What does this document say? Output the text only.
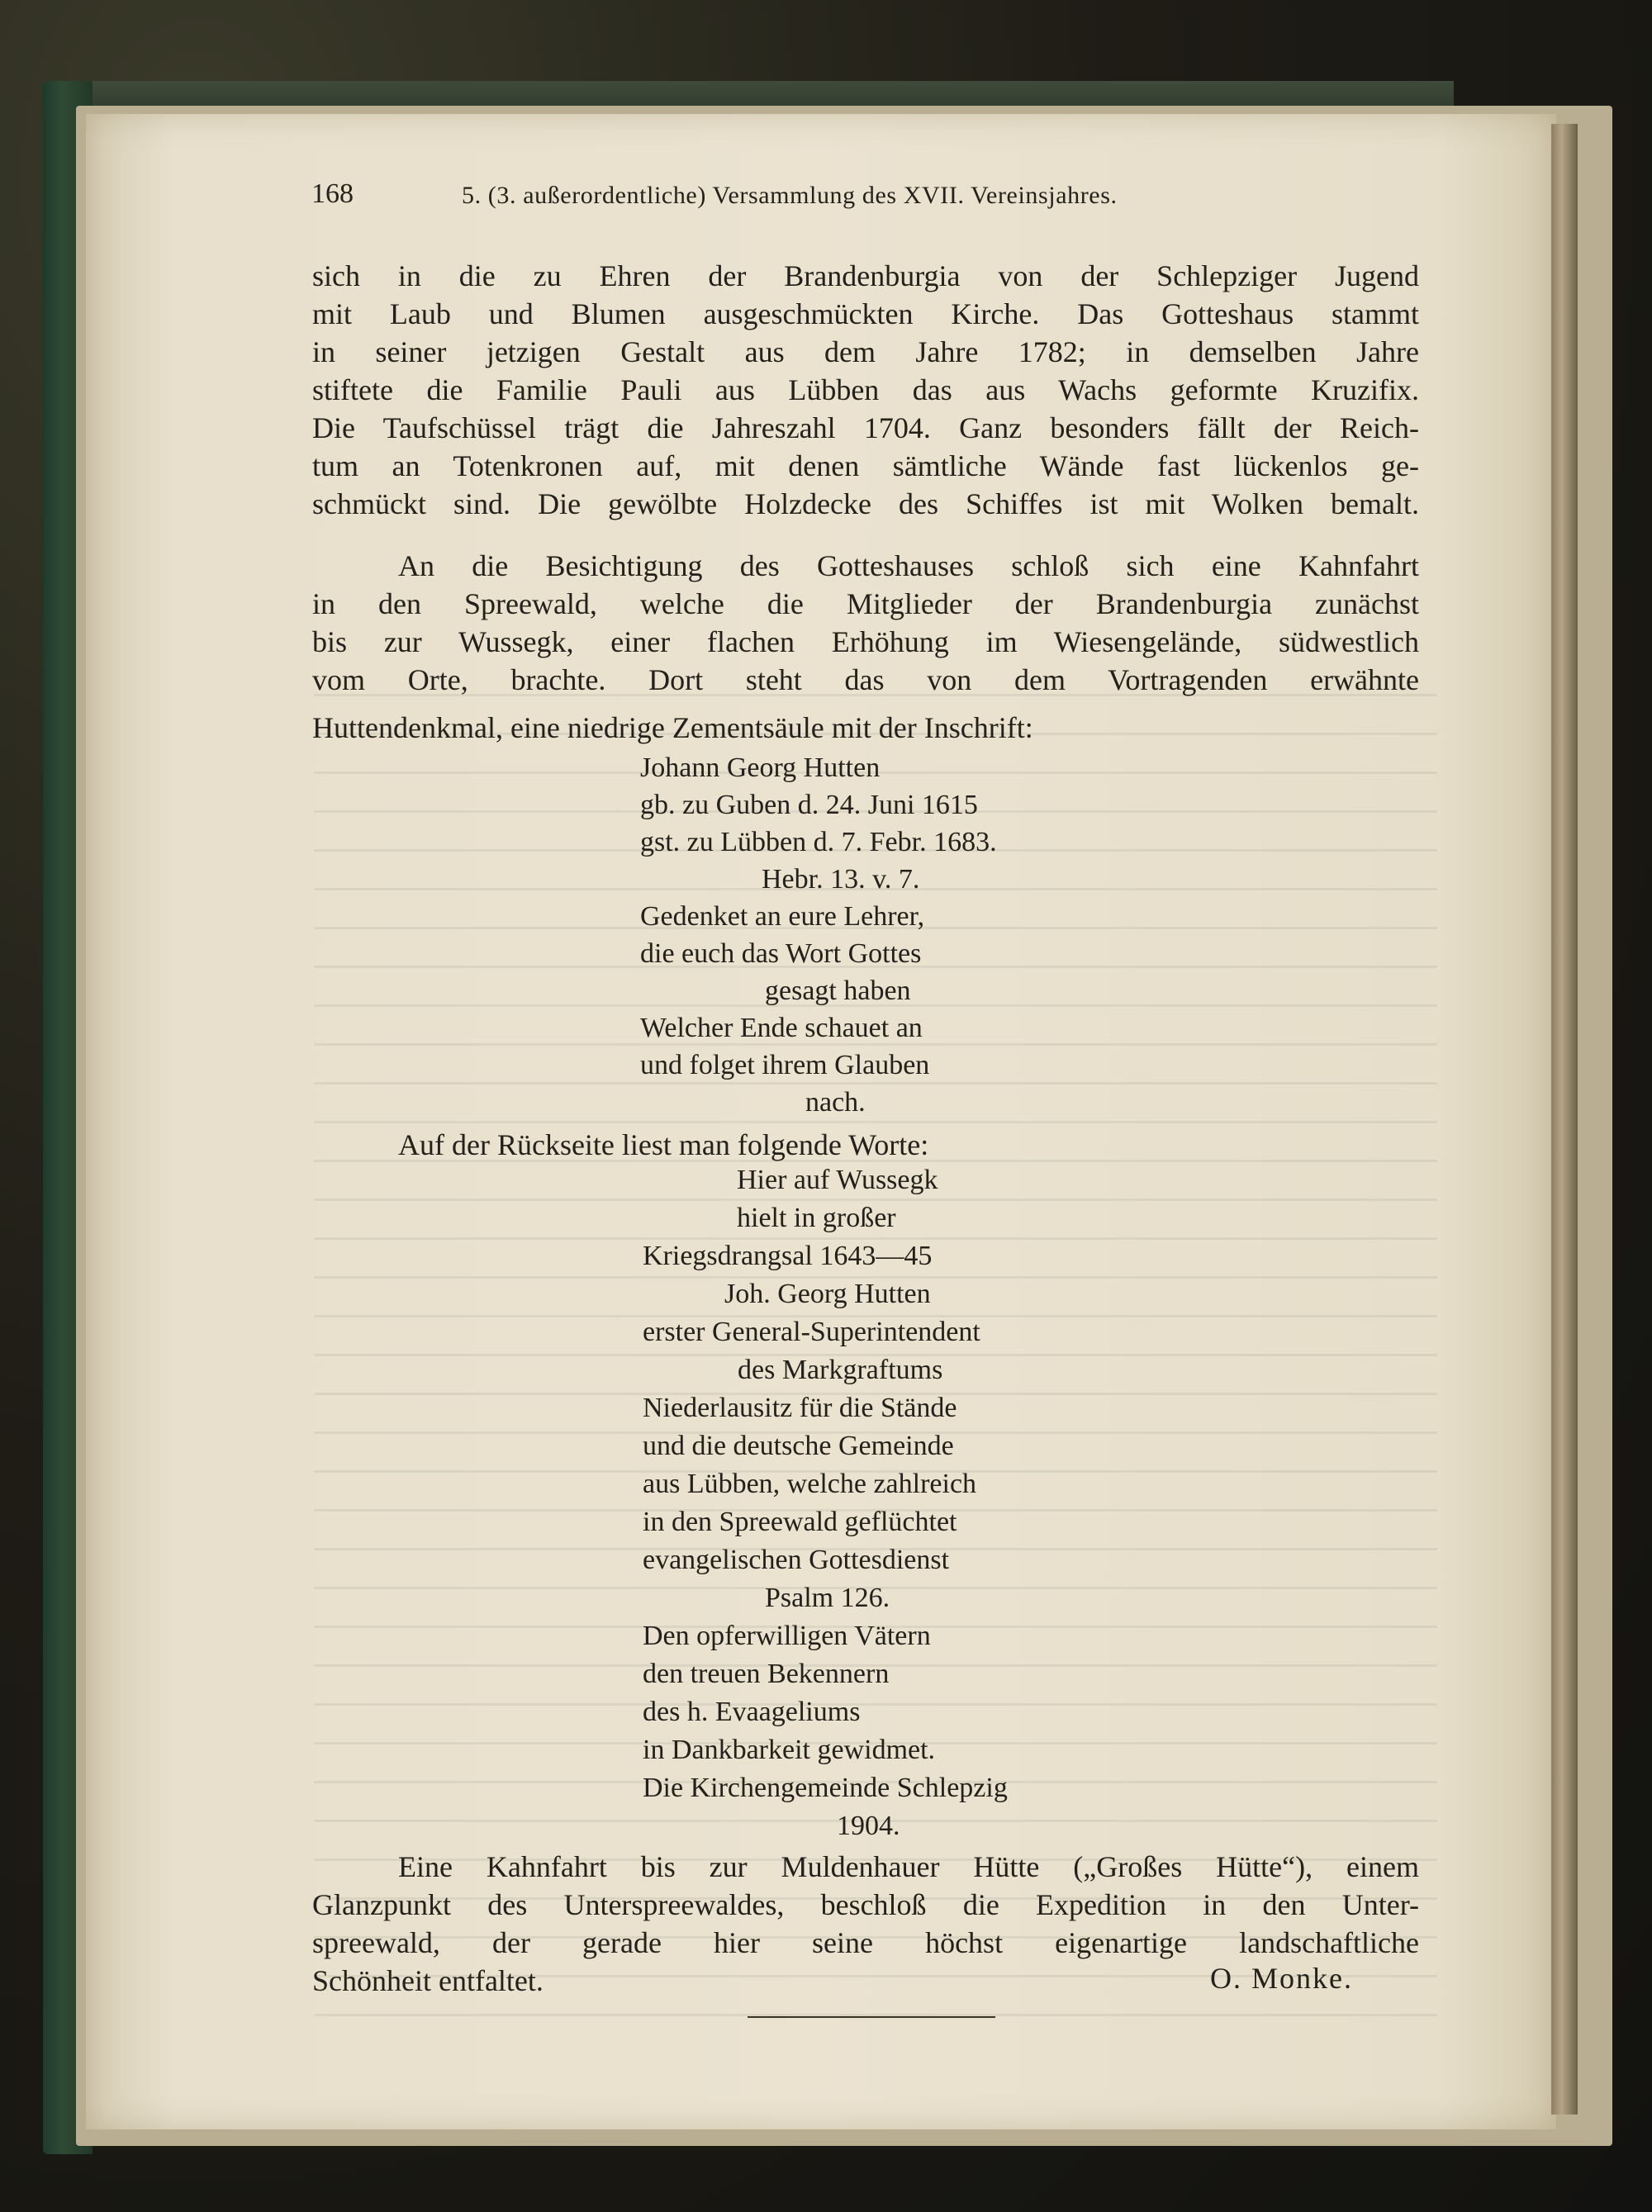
168	5. (3. außerordentliche) Versammlung des XVII. Vereinsjahres.
sich in die zu Ehren der Brandenburgia von der Schlepziger Jugend
mit Laub und Blumen ausgeschmückten Kirche. Das Gotteshaus stammt
in seiner jetzigen Gestalt aus dem Jahre 1782; in demselben Jahre
stiftete die Familie Pauli aus Lübben das aus Wachs geformte Kruzifix.
Die Taufschüssel trägt die Jahreszahl 1704. Ganz besonders fällt der Reich-
tum an Totenkronen auf, mit denen sämtliche Wände fast lückenlos ge-
schmückt sind. Die gewölbte Holzdecke des Schiffes ist mit Wolken bemalt.
An die Besichtigung des Gotteshauses schloß sich eine Kahnfahrt
in den Spreewald, welche die Mitglieder der Brandenburgia zunächst
bis zur Wussegk, einer flachen Erhöhung im Wiesengelände, südwestlich
vom Orte, brachte. Dort steht das von dem Vortragenden erwähnte
Huttendenkmal, eine niedrige Zementsäule mit der Inschrift:
Johann Georg Hutten
gb. zu Guben d. 24. Juni 1615
gst. zu Lübben d. 7. Febr. 1683.
Hebr. 13. v. 7.
Gedenket an eure Lehrer,
die euch das Wort Gottes
gesagt haben
Welcher Ende schauet an
und folget ihrem Glauben
nach.
Auf der Rückseite liest man folgende Worte:
Hier auf Wussegk
hielt in großer
Kriegsdrangsal 1643—45
Joh. Georg Hutten
erster General-Superintendent
des Markgraftums
Niederlausitz für die Stände
und die deutsche Gemeinde
aus Lübben, welche zahlreich
in den Spreewald geflüchtet
evangelischen Gottesdienst
Psalm 126.
Den opferwilligen Vätern
den treuen Bekennern
des h. Evaageliums
in Dankbarkeit gewidmet.
Die Kirchengemeinde Schlepzig
1904.
Eine Kahnfahrt bis zur Muldenhauer Hütte („Großes Hütte“), einem
Glanzpunkt des Unterspreewaldes, beschloß die Expedition in den Unter-
spreewald, der gerade hier seine höchst eigenartige landschaftliche
Schönheit entfaltet.	O. Monke.
